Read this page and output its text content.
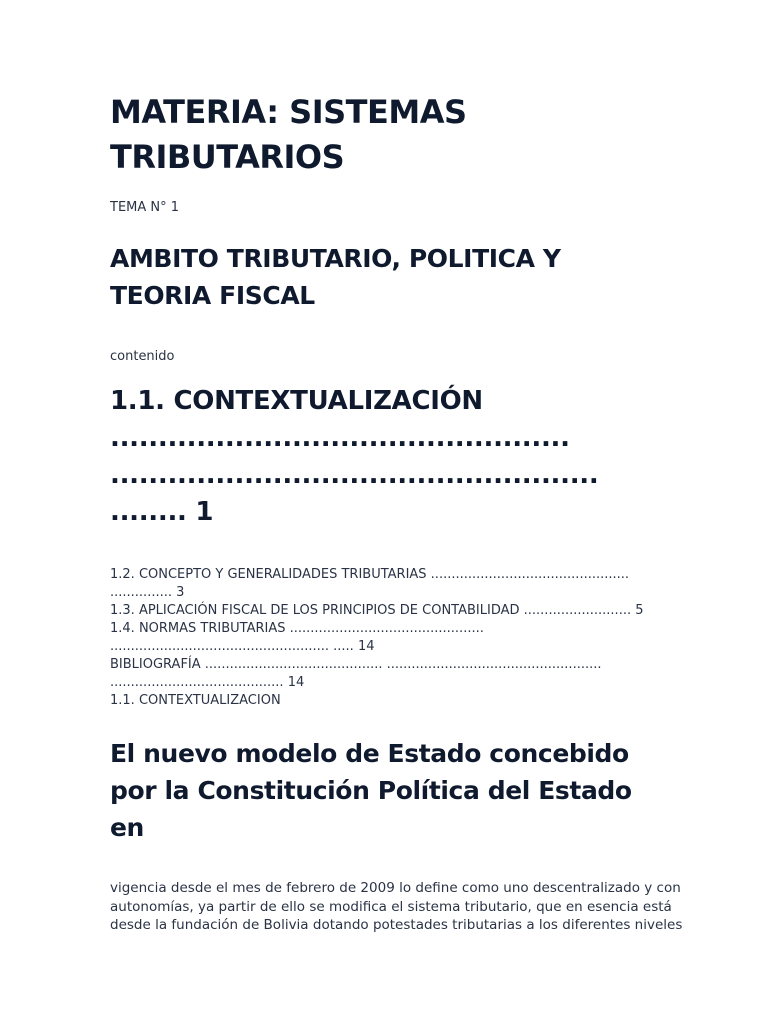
MATERIA: SISTEMAS
TRIBUTARIOS
TEMA N° 1
AMBITO TRIBUTARIO, POLITICA Y
TEORIA FISCAL
contenido
1.1. CONTEXTUALIZACIÓN
................................................
...................................................
........ 1
1.2. CONCEPTO Y GENERALIDADES TRIBUTARIAS ................................................
............... 3
1.3. APLICACIÓN FISCAL DE LOS PRINCIPIOS DE CONTABILIDAD .......................... 5
1.4. NORMAS TRIBUTARIAS ...............................................
..................................................... ..... 14
BIBLIOGRAFÍA ........................................... ....................................................
.......................................... 14
1.1. CONTEXTUALIZACION
El nuevo modelo de Estado concebido
por la Constitución Política del Estado
en
vigencia desde el mes de febrero de 2009 lo define como uno descentralizado y con
autonomías, ya partir de ello se modifica el sistema tributario, que en esencia está
desde la fundación de Bolivia dotando potestades tributarias a los diferentes niveles
